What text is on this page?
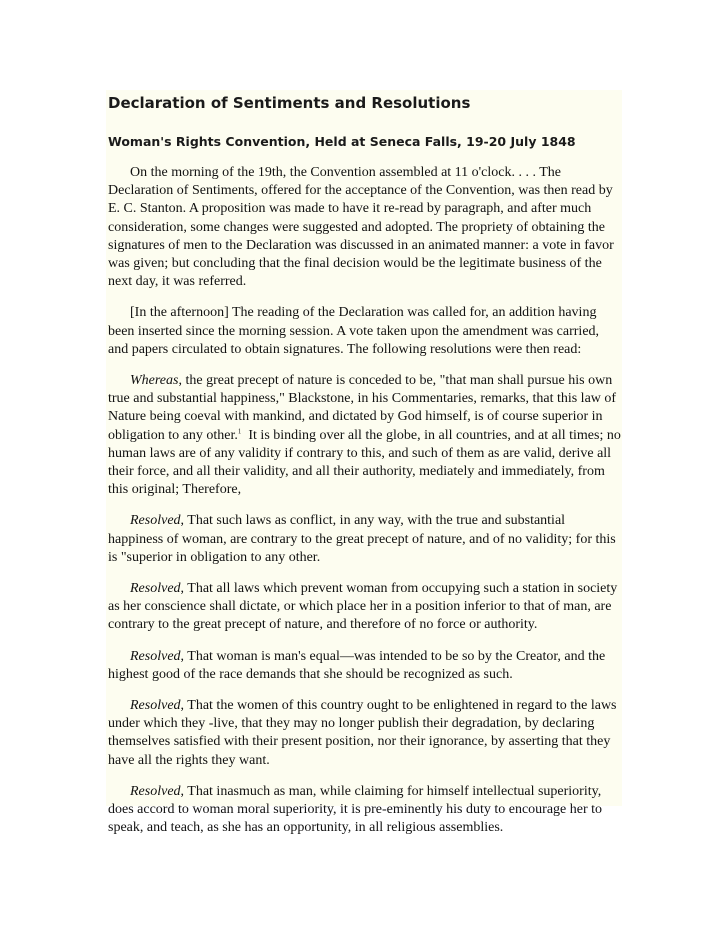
Declaration of Sentiments and Resolutions
Woman's Rights Convention, Held at Seneca Falls, 19-20 July 1848

On the morning of the 19th, the Convention assembled at 11 o'clock. . . . The
Declaration of Sentiments, offered for the acceptance of the Convention, was then read by
E. C. Stanton. A proposition was made to have it re-read by paragraph, and after much
consideration, some changes were suggested and adopted. The propriety of obtaining the
signatures of men to the Declaration was discussed in an animated manner: a vote in favor
was given; but concluding that the final decision would be the legitimate business of the
next day, it was referred.

[In the afternoon] The reading of the Declaration was called for, an addition having
been inserted since the morning session. A vote taken upon the amendment was carried,
and papers circulated to obtain signatures. The following resolutions were then read:

Whereas, the great precept of nature is conceded to be, "that man shall pursue his own
true and substantial happiness," Blackstone, in his Commentaries, remarks, that this law of
Nature being coeval with mankind, and dictated by God himself, is of course superior in
obligation to any other.$^1$  It is binding over all the globe, in all countries, and at all times; no
human laws are of any validity if contrary to this, and such of them as are valid, derive all
their force, and all their validity, and all their authority, mediately and immediately, from
this original; Therefore,

Resolved, That such laws as conflict, in any way, with the true and substantial
happiness of woman, are contrary to the great precept of nature, and of no validity; for this
is "superior in obligation to any other.

Resolved, That all laws which prevent woman from occupying such a station in society
as her conscience shall dictate, or which place her in a position inferior to that of man, are
contrary to the great precept of nature, and therefore of no force or authority.

Resolved, That woman is man's equal—was intended to be so by the Creator, and the
highest good of the race demands that she should be recognized as such.

Resolved, That the women of this country ought to be enlightened in regard to the laws
under which they -live, that they may no longer publish their degradation, by declaring
themselves satisfied with their present position, nor their ignorance, by asserting that they
have all the rights they want.

Resolved, That inasmuch as man, while claiming for himself intellectual superiority,
does accord to woman moral superiority, it is pre-eminently his duty to encourage her to
speak, and teach, as she has an opportunity, in all religious assemblies.
